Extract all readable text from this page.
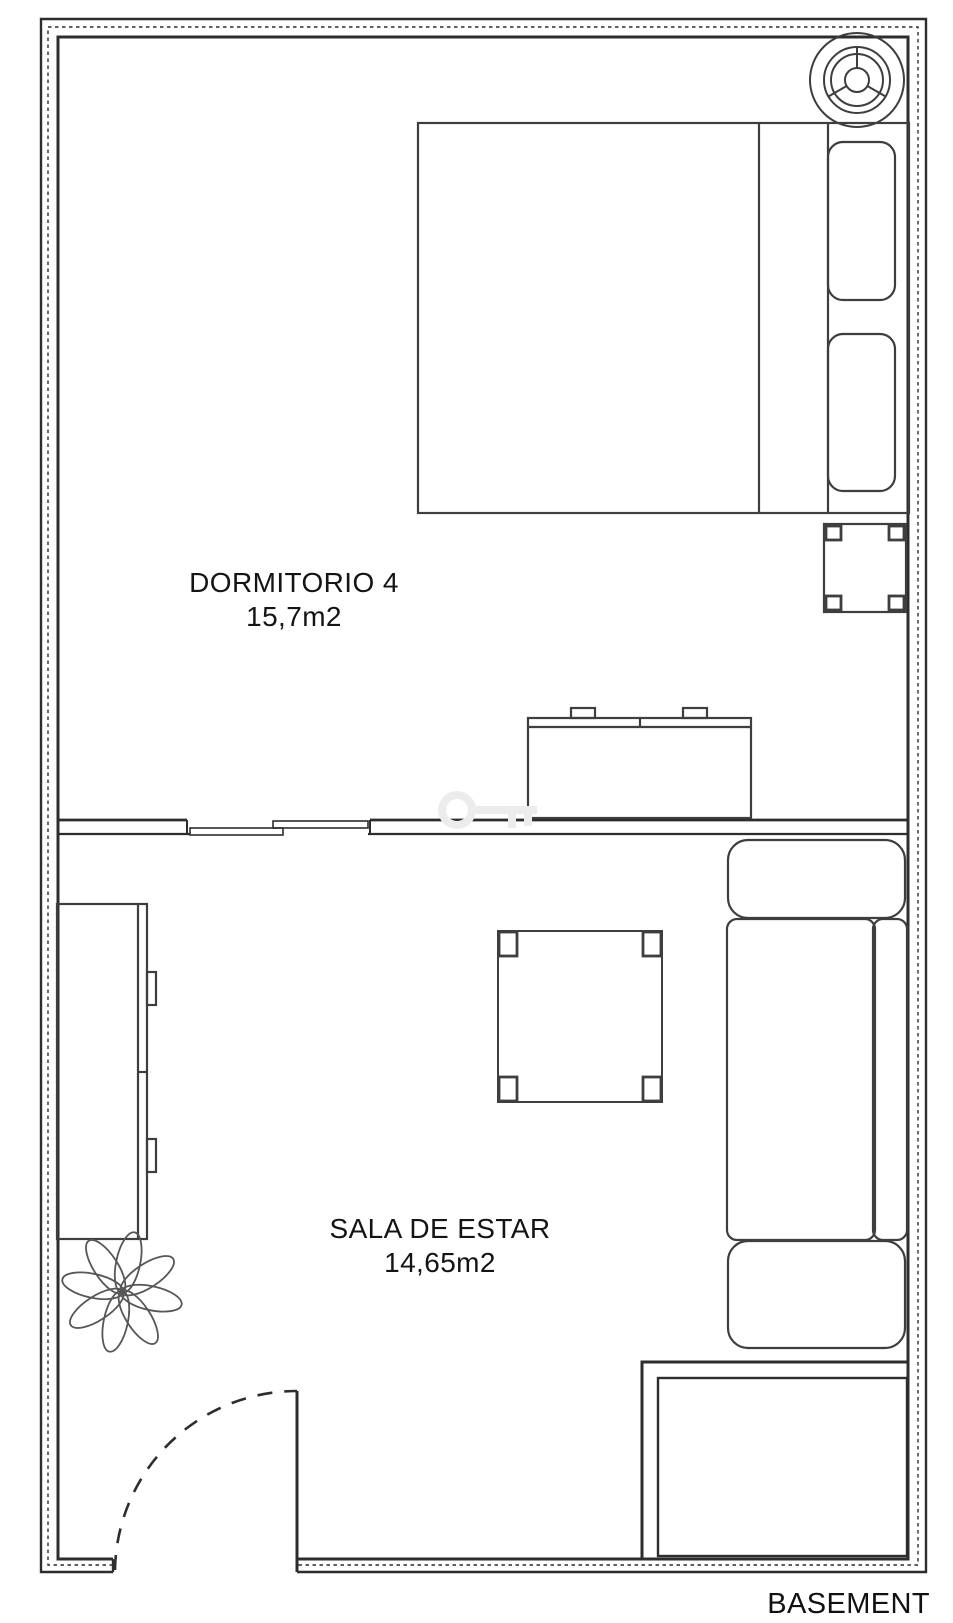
DORMITORIO 4
15,7m2
SALA DE ESTAR
14,65m2
BASEMENT
